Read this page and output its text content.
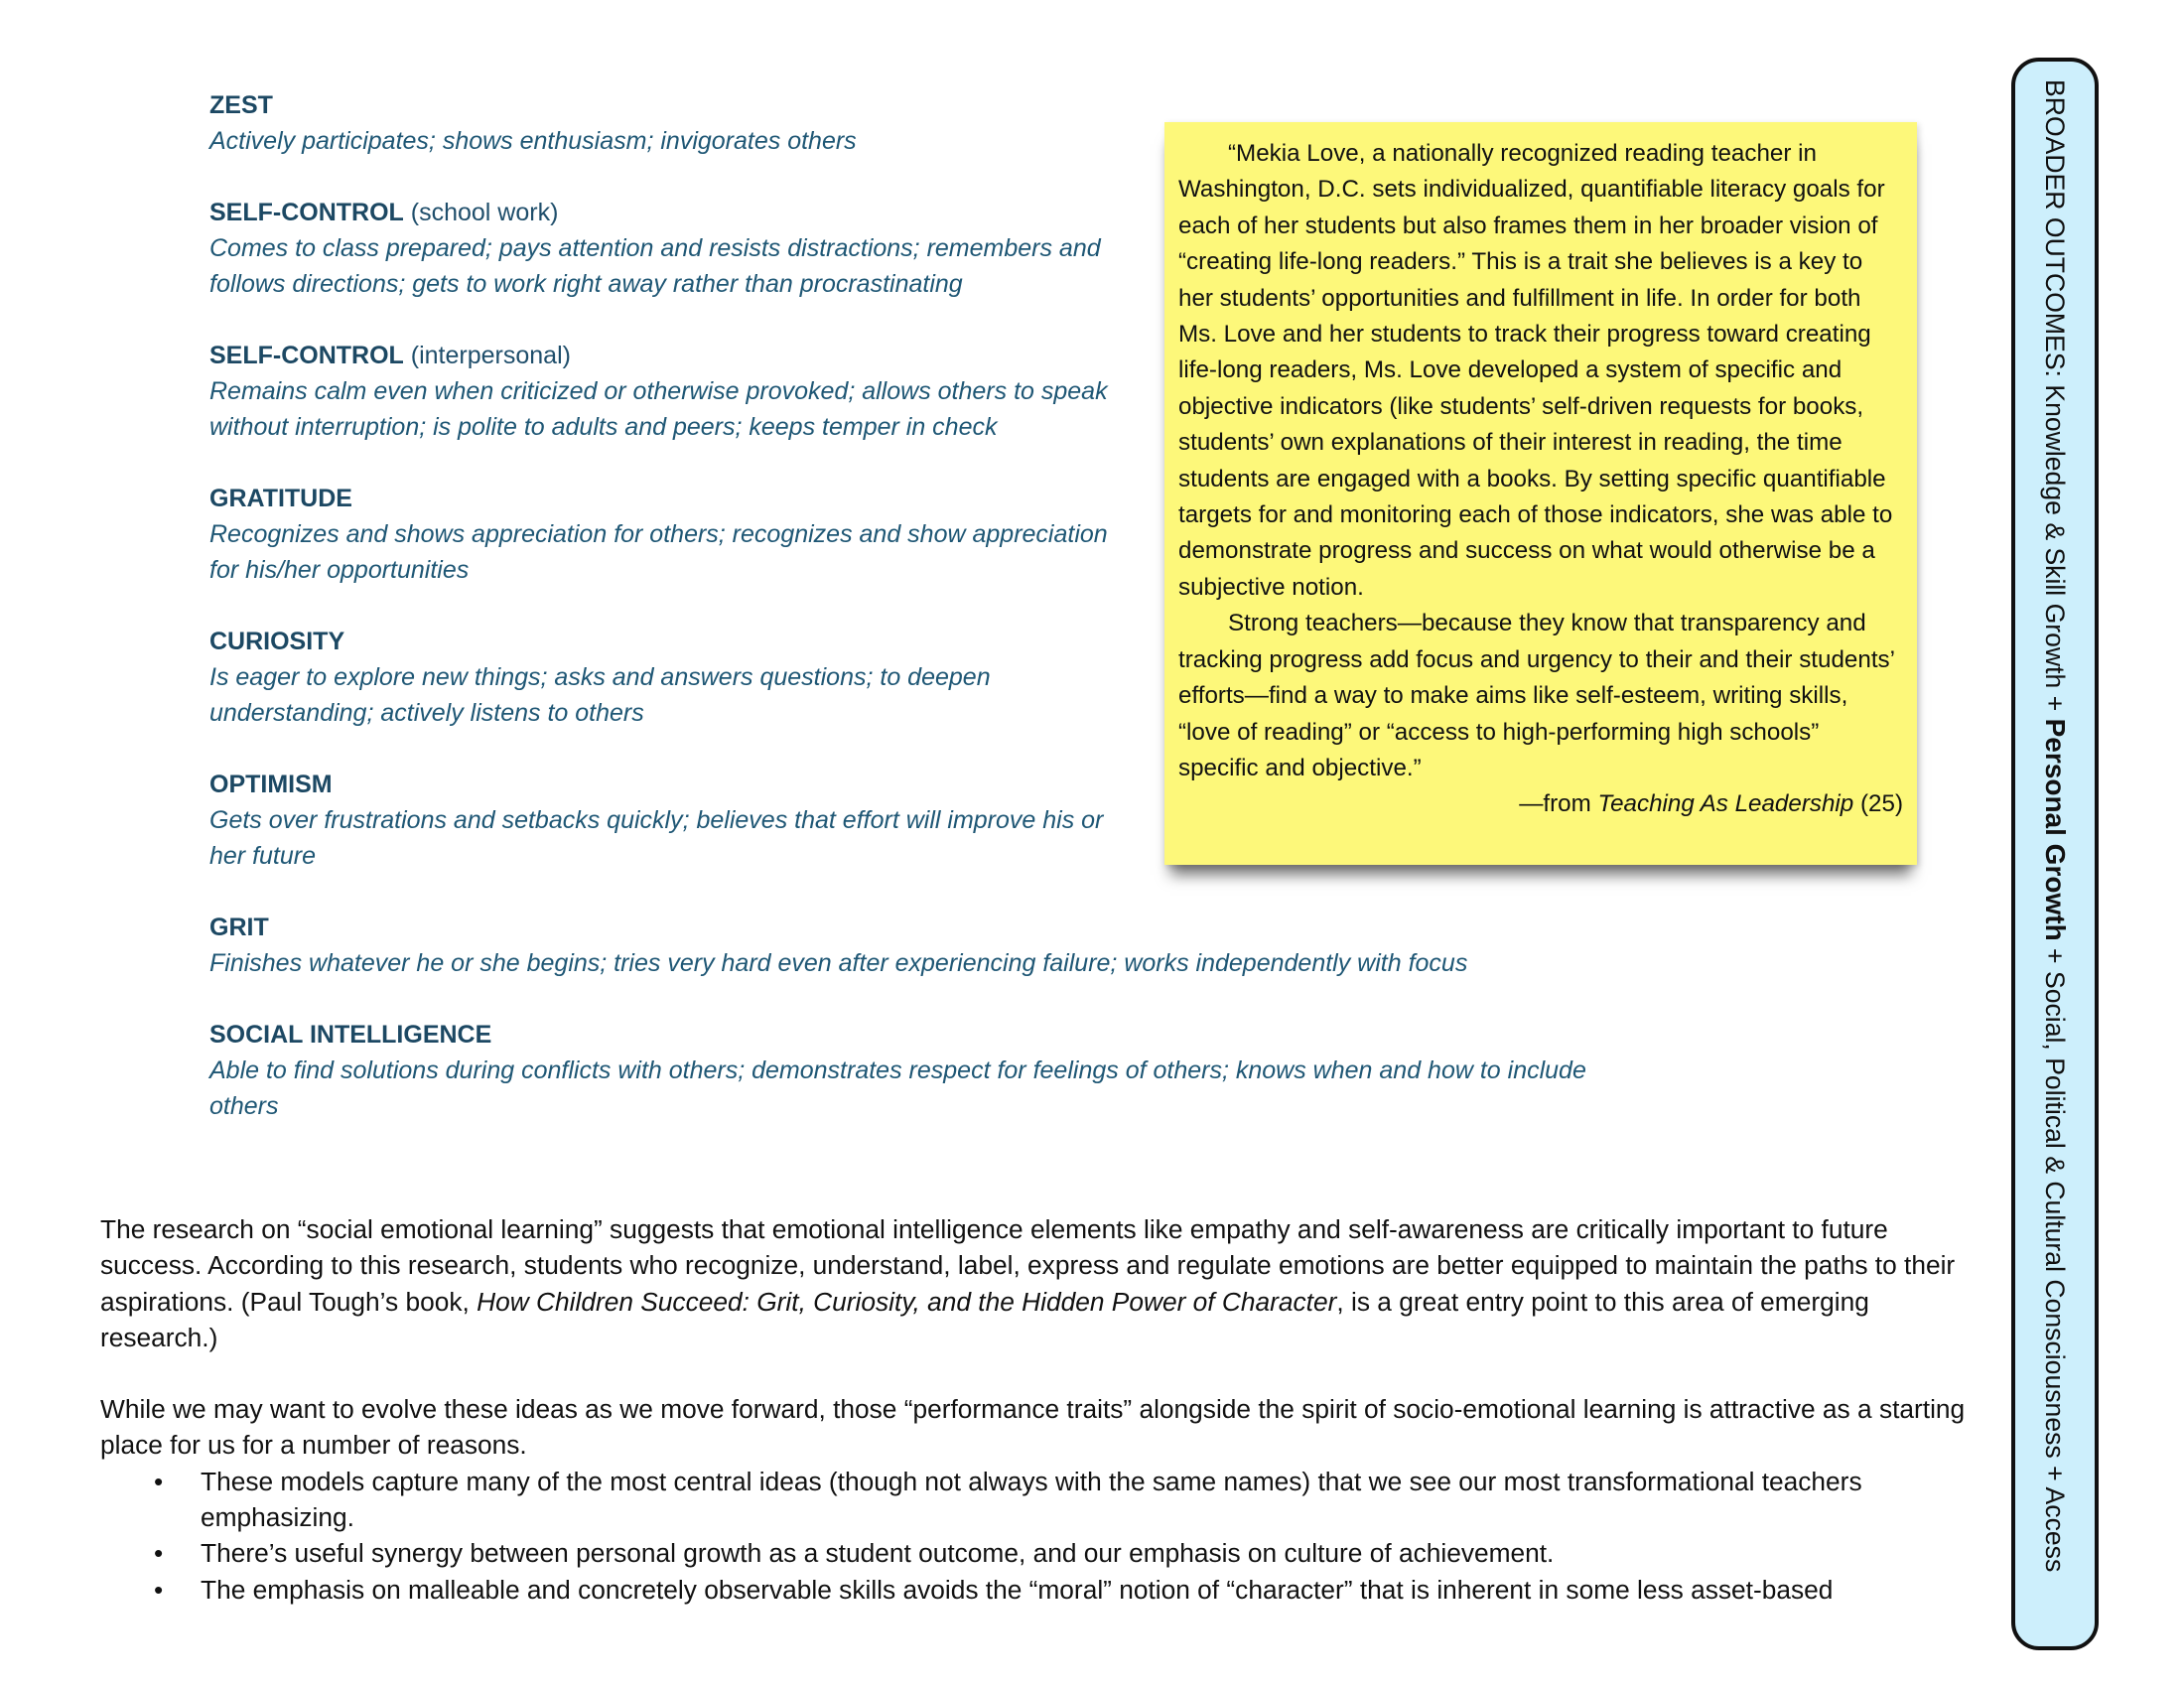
ZEST
Actively participates; shows enthusiasm; invigorates others
SELF-CONTROL (school work)
Comes to class prepared; pays attention and resists distractions; remembers and follows directions; gets to work right away rather than procrastinating
SELF-CONTROL (interpersonal)
Remains calm even when criticized or otherwise provoked; allows others to speak without interruption; is polite to adults and peers; keeps temper in check
GRATITUDE
Recognizes and shows appreciation for others; recognizes and show appreciation for his/her opportunities
CURIOSITY
Is eager to explore new things; asks and answers questions; to deepen understanding; actively listens to others
OPTIMISM
Gets over frustrations and setbacks quickly; believes that effort will improve his or her future
GRIT
Finishes whatever he or she begins; tries very hard even after experiencing failure; works independently with focus
SOCIAL INTELLIGENCE
Able to find solutions during conflicts with others; demonstrates respect for feelings of others; knows when and how to include others

“Mekia Love, a nationally recognized reading teacher in Washington, D.C. sets individualized, quantifiable literacy goals for each of her students but also frames them in her broader vision of “creating life-long readers.” This is a trait she believes is a key to her students’ opportunities and fulfillment in life. In order for both Ms. Love and her students to track their progress toward creating life-long readers, Ms. Love developed a system of specific and objective indicators (like students’ self-driven requests for books, students’ own explanations of their interest in reading, the time students are engaged with a books. By setting specific quantifiable targets for and monitoring each of those indicators, she was able to demonstrate progress and success on what would otherwise be a subjective notion.

Strong teachers—because they know that transparency and tracking progress add focus and urgency to their and their students’ efforts—find a way to make aims like self-esteem, writing skills, “love of reading” or “access to high-performing high schools” specific and objective.”

—from Teaching As Leadership (25)

The research on “social emotional learning” suggests that emotional intelligence elements like empathy and self-awareness are critically important to future success. According to this research, students who recognize, understand, label, express and regulate emotions are better equipped to maintain the paths to their aspirations. (Paul Tough’s book, How Children Succeed: Grit, Curiosity, and the Hidden Power of Character, is a great entry point to this area of emerging research.)

While we may want to evolve these ideas as we move forward, those “performance traits” alongside the spirit of socio-emotional learning is attractive as a starting place for us for a number of reasons.

• These models capture many of the most central ideas (though not always with the same names) that we see our most transformational teachers emphasizing.
• There’s useful synergy between personal growth as a student outcome, and our emphasis on culture of achievement.
• The emphasis on malleable and concretely observable skills avoids the “moral” notion of “character” that is inherent in some less asset-based
BROADER OUTCOMES: Knowledge & Skill Growth + Personal Growth + Social, Political & Cultural Consciousness + Access
